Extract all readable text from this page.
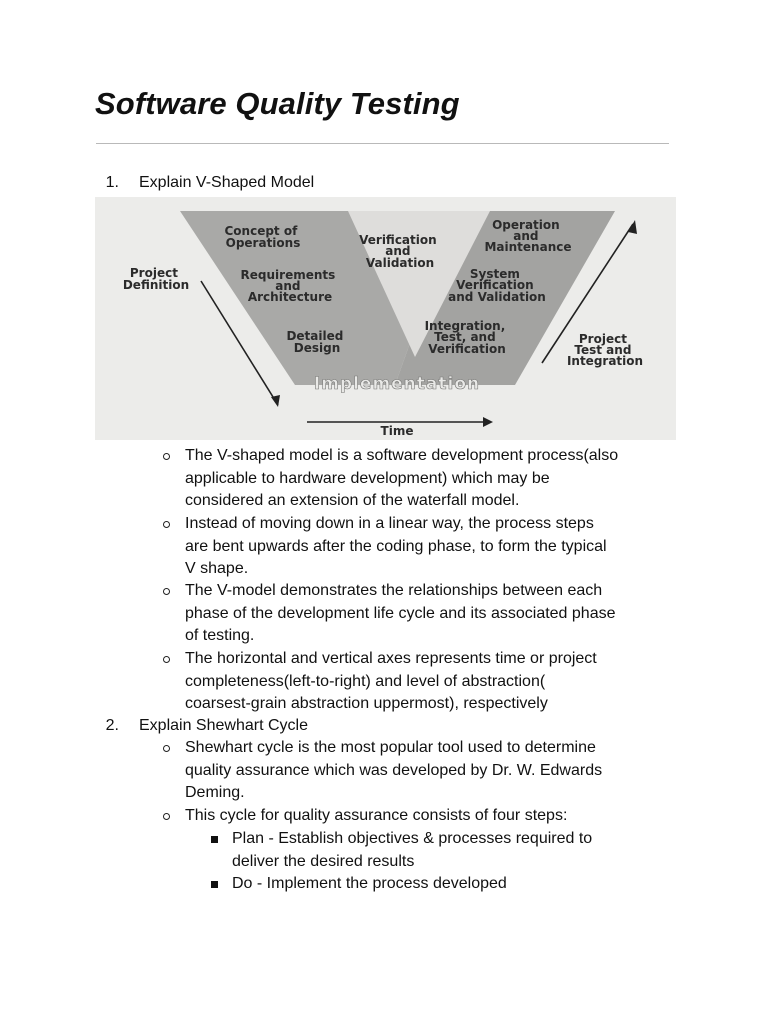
Software Quality Testing
1. Explain V-Shaped Model
Concept of Operations
Requirements and Architecture
Detailed Design
Verification and Validation
Operation and Maintenance
System Verification and Validation
Integration, Test, and Verification
Implementation
Project Definition
Project Test and Integration
Time
The V-shaped model is a software development process(also
applicable to hardware development) which may be
considered an extension of the waterfall model.
Instead of moving down in a linear way, the process steps
are bent upwards after the coding phase, to form the typical
V shape.
The V-model demonstrates the relationships between each
phase of the development life cycle and its associated phase
of testing.
The horizontal and vertical axes represents time or project
completeness(left-to-right) and level of abstraction(
coarsest-grain abstraction uppermost), respectively
2. Explain Shewhart Cycle
Shewhart cycle is the most popular tool used to determine
quality assurance which was developed by Dr. W. Edwards
Deming.
This cycle for quality assurance consists of four steps:
Plan - Establish objectives & processes required to
deliver the desired results
Do - Implement the process developed
